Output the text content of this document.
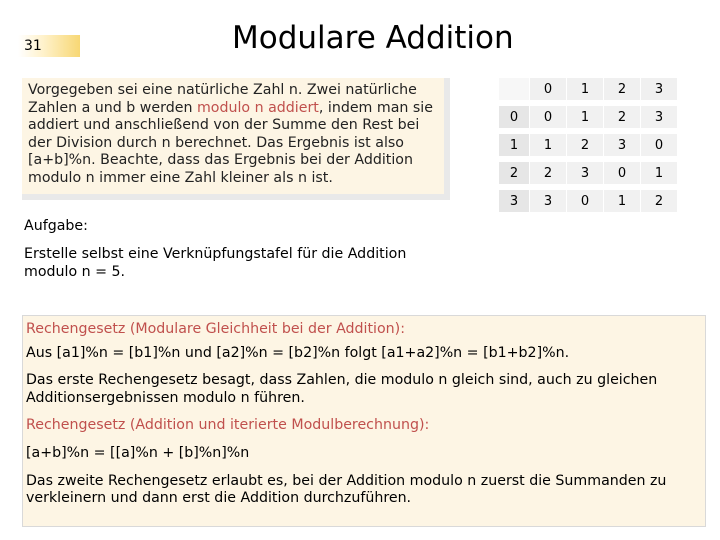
31	Modulare Addition
Vorgegeben sei eine natürliche Zahl n. Zwei natürliche Zahlen a und b werden modulo n addiert, indem man sie addiert und anschließend von der Summe den Rest bei der Division durch n berechnet. Das Ergebnis ist also [a+b]%n. Beachte, dass das Ergebnis bei der Addition modulo n immer eine Zahl kleiner als n ist.
	0	1	2	3
0	0	1	2	3
1	1	2	3	0
2	2	3	0	1
3	3	0	1	2
Aufgabe:
Erstelle selbst eine Verknüpfungstafel für die Addition modulo n = 5.

Rechengesetz (Modulare Gleichheit bei der Addition):

Aus [a1]%n = [b1]%n und [a2]%n = [b2]%n folgt [a1+a2]%n = [b1+b2]%n.

Das erste Rechengesetz besagt, dass Zahlen, die modulo n gleich sind, auch zu gleichen Additionsergebnissen modulo n führen.

Rechengesetz (Addition und iterierte Modulberechnung):

[a+b]%n = [[a]%n + [b]%n]%n

Das zweite Rechengesetz erlaubt es, bei der Addition modulo n zuerst die Summanden zu verkleinern und dann erst die Addition durchzuführen.
